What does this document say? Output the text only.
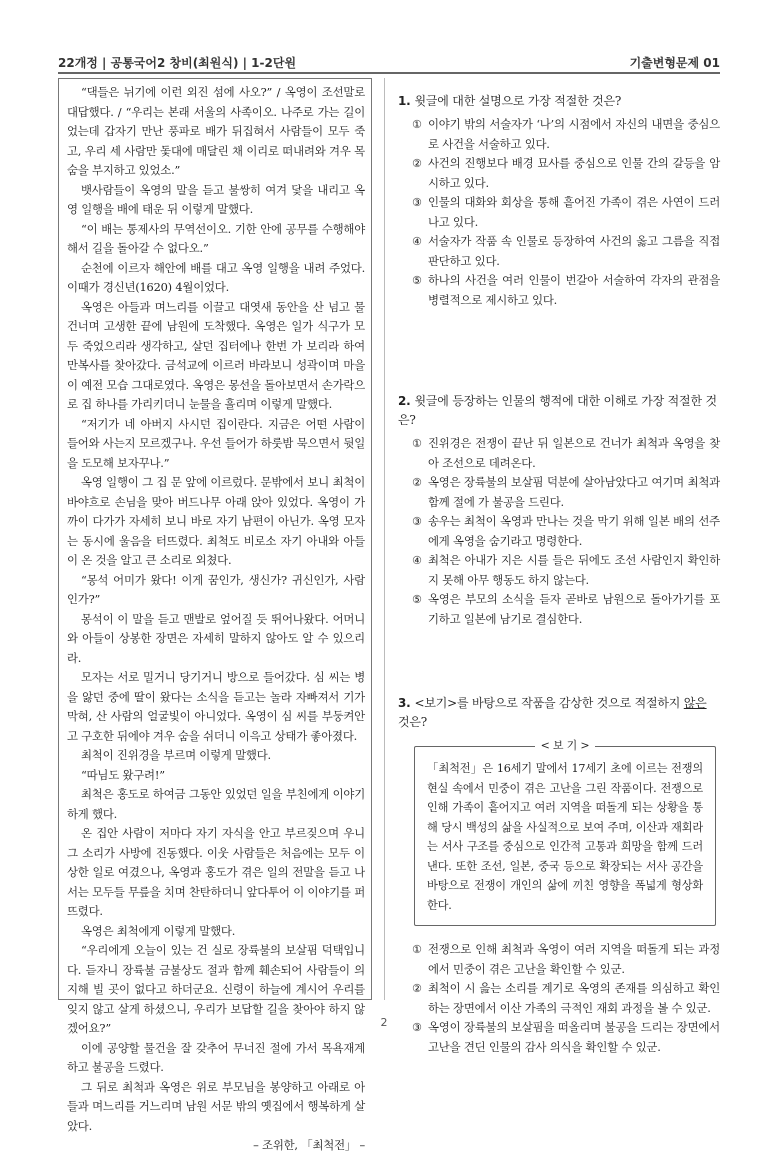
22개정 | 공통국어2 창비(최원식) | 1-2단원	기출변형문제 01

“댁들은 뉘기에 이런 외진 섬에 사오?” / 옥영이 조선말로 대답했다. / “우리는 본래 서울의 사족이오. 나주로 가는 길이었는데 갑자기 만난 풍파로 배가 뒤집혀서 사람들이 모두 죽고, 우리 세 사람만 돛대에 매달린 채 이리로 떠내려와 겨우 목숨을 부지하고 있었소.”

뱃사람들이 옥영의 말을 듣고 불쌍히 여겨 닻을 내리고 옥영 일행을 배에 태운 뒤 이렇게 말했다.

“이 배는 통제사의 무역선이오. 기한 안에 공무를 수행해야 해서 길을 돌아갈 수 없다오.”

순천에 이르자 해안에 배를 대고 옥영 일행을 내려 주었다. 이때가 경신년(1620) 4월이었다.

옥영은 아들과 며느리를 이끌고 대엿새 동안을 산 넘고 물 건너며 고생한 끝에 남원에 도착했다. 옥영은 일가 식구가 모두 죽었으리라 생각하고, 살던 집터에나 한번 가 보리라 하여 만복사를 찾아갔다. 금석교에 이르러 바라보니 성곽이며 마을이 예전 모습 그대로였다. 옥영은 몽선을 돌아보면서 손가락으로 집 하나를 가리키더니 눈물을 흘리며 이렇게 말했다.

“저기가 네 아버지 사시던 집이란다. 지금은 어떤 사람이 들어와 사는지 모르겠구나. 우선 들어가 하룻밤 묵으면서 뒷일을 도모해 보자꾸나.”

옥영 일행이 그 집 문 앞에 이르렀다. 문밖에서 보니 최척이 바야흐로 손님을 맞아 버드나무 아래 앉아 있었다. 옥영이 가까이 다가가 자세히 보니 바로 자기 남편이 아닌가. 옥영 모자는 동시에 울음을 터뜨렸다. 최척도 비로소 자기 아내와 아들이 온 것을 알고 큰 소리로 외쳤다.

“몽석 어미가 왔다! 이게 꿈인가, 생신가? 귀신인가, 사람인가?”

몽석이 이 말을 듣고 맨발로 엎어질 듯 뛰어나왔다. 어머니와 아들이 상봉한 장면은 자세히 말하지 않아도 알 수 있으리라.

모자는 서로 밀거니 당기거니 방으로 들어갔다. 심 씨는 병을 앓던 중에 딸이 왔다는 소식을 듣고는 놀라 자빠져서 기가 막혀, 산 사람의 얼굴빛이 아니었다. 옥영이 심 씨를 부둥켜안고 구호한 뒤에야 겨우 숨을 쉬더니 이윽고 상태가 좋아졌다.

최척이 진위경을 부르며 이렇게 말했다.

“따님도 왔구려!”

최척은 홍도로 하여금 그동안 있었던 일을 부친에게 이야기하게 했다.

온 집안 사람이 저마다 자기 자식을 안고 부르짖으며 우니 그 소리가 사방에 진동했다. 이웃 사람들은 처음에는 모두 이상한 일로 여겼으나, 옥영과 홍도가 겪은 일의 전말을 듣고 나서는 모두들 무릎을 치며 찬탄하더니 앞다투어 이 이야기를 퍼뜨렸다.

옥영은 최척에게 이렇게 말했다.

“우리에게 오늘이 있는 건 실로 장륙불의 보살핌 덕택입니다. 듣자니 장륙불 금불상도 절과 함께 훼손되어 사람들이 의지해 빌 곳이 없다고 하더군요. 신령이 하늘에 계시어 우리를 잊지 않고 살게 하셨으니, 우리가 보답할 길을 찾아야 하지 않겠어요?”

이에 공양할 물건을 잘 갖추어 무너진 절에 가서 목욕재계하고 불공을 드렸다.

그 뒤로 최척과 옥영은 위로 부모님을 봉양하고 아래로 아들과 며느리를 거느리며 남원 서문 밖의 옛집에서 행복하게 살았다.

– 조위한, 「최척전」 –

1. 윗글에 대한 설명으로 가장 적절한 것은?

① 이야기 밖의 서술자가 ‘나’의 시점에서 자신의 내면을 중심으로 사건을 서술하고 있다.
② 사건의 진행보다 배경 묘사를 중심으로 인물 간의 갈등을 암시하고 있다.
③ 인물의 대화와 회상을 통해 흩어진 가족이 겪은 사연이 드러나고 있다.
④ 서술자가 작품 속 인물로 등장하여 사건의 옳고 그름을 직접 판단하고 있다.
⑤ 하나의 사건을 여러 인물이 번갈아 서술하여 각자의 관점을 병렬적으로 제시하고 있다.

2. 윗글에 등장하는 인물의 행적에 대한 이해로 가장 적절한 것은?

① 진위경은 전쟁이 끝난 뒤 일본으로 건너가 최척과 옥영을 찾아 조선으로 데려온다.
② 옥영은 장륙불의 보살핌 덕분에 살아남았다고 여기며 최척과 함께 절에 가 불공을 드린다.
③ 송우는 최척이 옥영과 만나는 것을 막기 위해 일본 배의 선주에게 옥영을 숨기라고 명령한다.
④ 최척은 아내가 지은 시를 들은 뒤에도 조선 사람인지 확인하지 못해 아무 행동도 하지 않는다.
⑤ 옥영은 부모의 소식을 듣자 곧바로 남원으로 돌아가기를 포기하고 일본에 남기로 결심한다.

3. <보기>를 바탕으로 작품을 감상한 것으로 적절하지 않은 것은?

< 보 기 >
「최척전」은 16세기 말에서 17세기 초에 이르는 전쟁의 현실 속에서 민중이 겪은 고난을 그린 작품이다. 전쟁으로 인해 가족이 흩어지고 여러 지역을 떠돌게 되는 상황을 통해 당시 백성의 삶을 사실적으로 보여 주며, 이산과 재회라는 서사 구조를 중심으로 인간적 고통과 희망을 함께 드러낸다. 또한 조선, 일본, 중국 등으로 확장되는 서사 공간을 바탕으로 전쟁이 개인의 삶에 끼친 영향을 폭넓게 형상화한다.
① 전쟁으로 인해 최척과 옥영이 여러 지역을 떠돌게 되는 과정에서 민중이 겪은 고난을 확인할 수 있군.
② 최척이 시 읊는 소리를 계기로 옥영의 존재를 의심하고 확인하는 장면에서 이산 가족의 극적인 재회 과정을 볼 수 있군.
③ 옥영이 장륙불의 보살핌을 떠올리며 불공을 드리는 장면에서 고난을 견딘 인물의 감사 의식을 확인할 수 있군.
2
